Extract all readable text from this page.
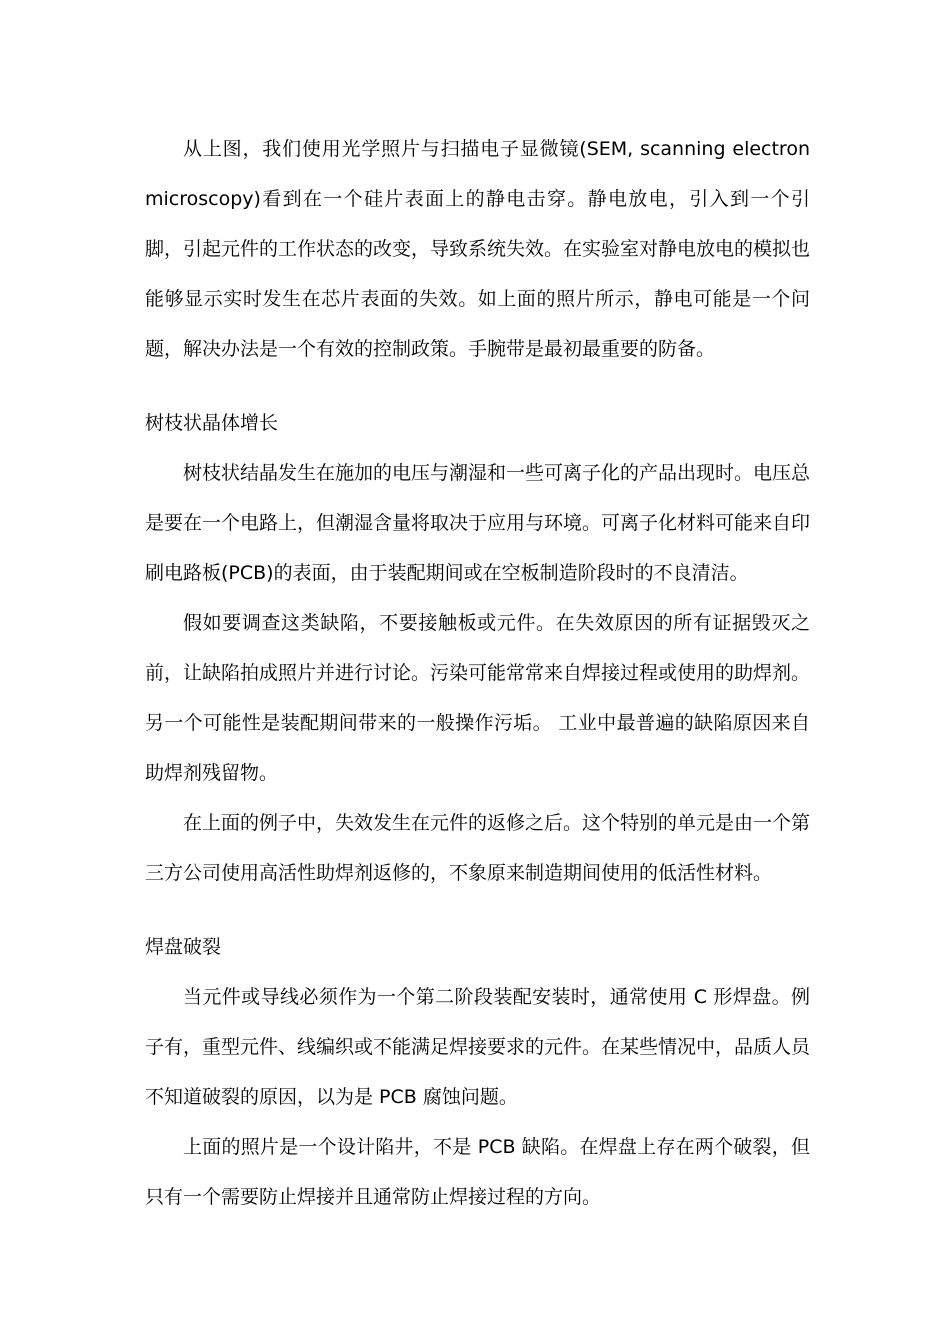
从上图，我们使用光学照片与扫描电子显微镜(SEM, scanning electron microscopy)看到在一个硅片表面上的静电击穿。静电放电，引入到一个引脚，引起元件的工作状态的改变，导致系统失效。在实验室对静电放电的模拟也能够显示实时发生在芯片表面的失效。如上面的照片所示，静电可能是一个问题，解决办法是一个有效的控制政策。手腕带是最初最重要的防备。

树枝状晶体增长

树枝状结晶发生在施加的电压与潮湿和一些可离子化的产品出现时。电压总是要在一个电路上，但潮湿含量将取决于应用与环境。可离子化材料可能来自印刷电路板(PCB)的表面，由于装配期间或在空板制造阶段时的不良清洁。

假如要调查这类缺陷，不要接触板或元件。在失效原因的所有证据毁灭之前，让缺陷拍成照片并进行讨论。污染可能常常来自焊接过程或使用的助焊剂。另一个可能性是装配期间带来的一般操作污垢。 工业中最普遍的缺陷原因来自助焊剂残留物。

在上面的例子中，失效发生在元件的返修之后。这个特别的单元是由一个第三方公司使用高活性助焊剂返修的，不象原来制造期间使用的低活性材料。

焊盘破裂

当元件或导线必须作为一个第二阶段装配安装时，通常使用 C 形焊盘。例子有，重型元件、线编织或不能满足焊接要求的元件。在某些情况中，品质人员不知道破裂的原因，以为是 PCB 腐蚀问题。

上面的照片是一个设计陷井，不是 PCB 缺陷。在焊盘上存在两个破裂，但只有一个需要防止焊接并且通常防止焊接过程的方向。
